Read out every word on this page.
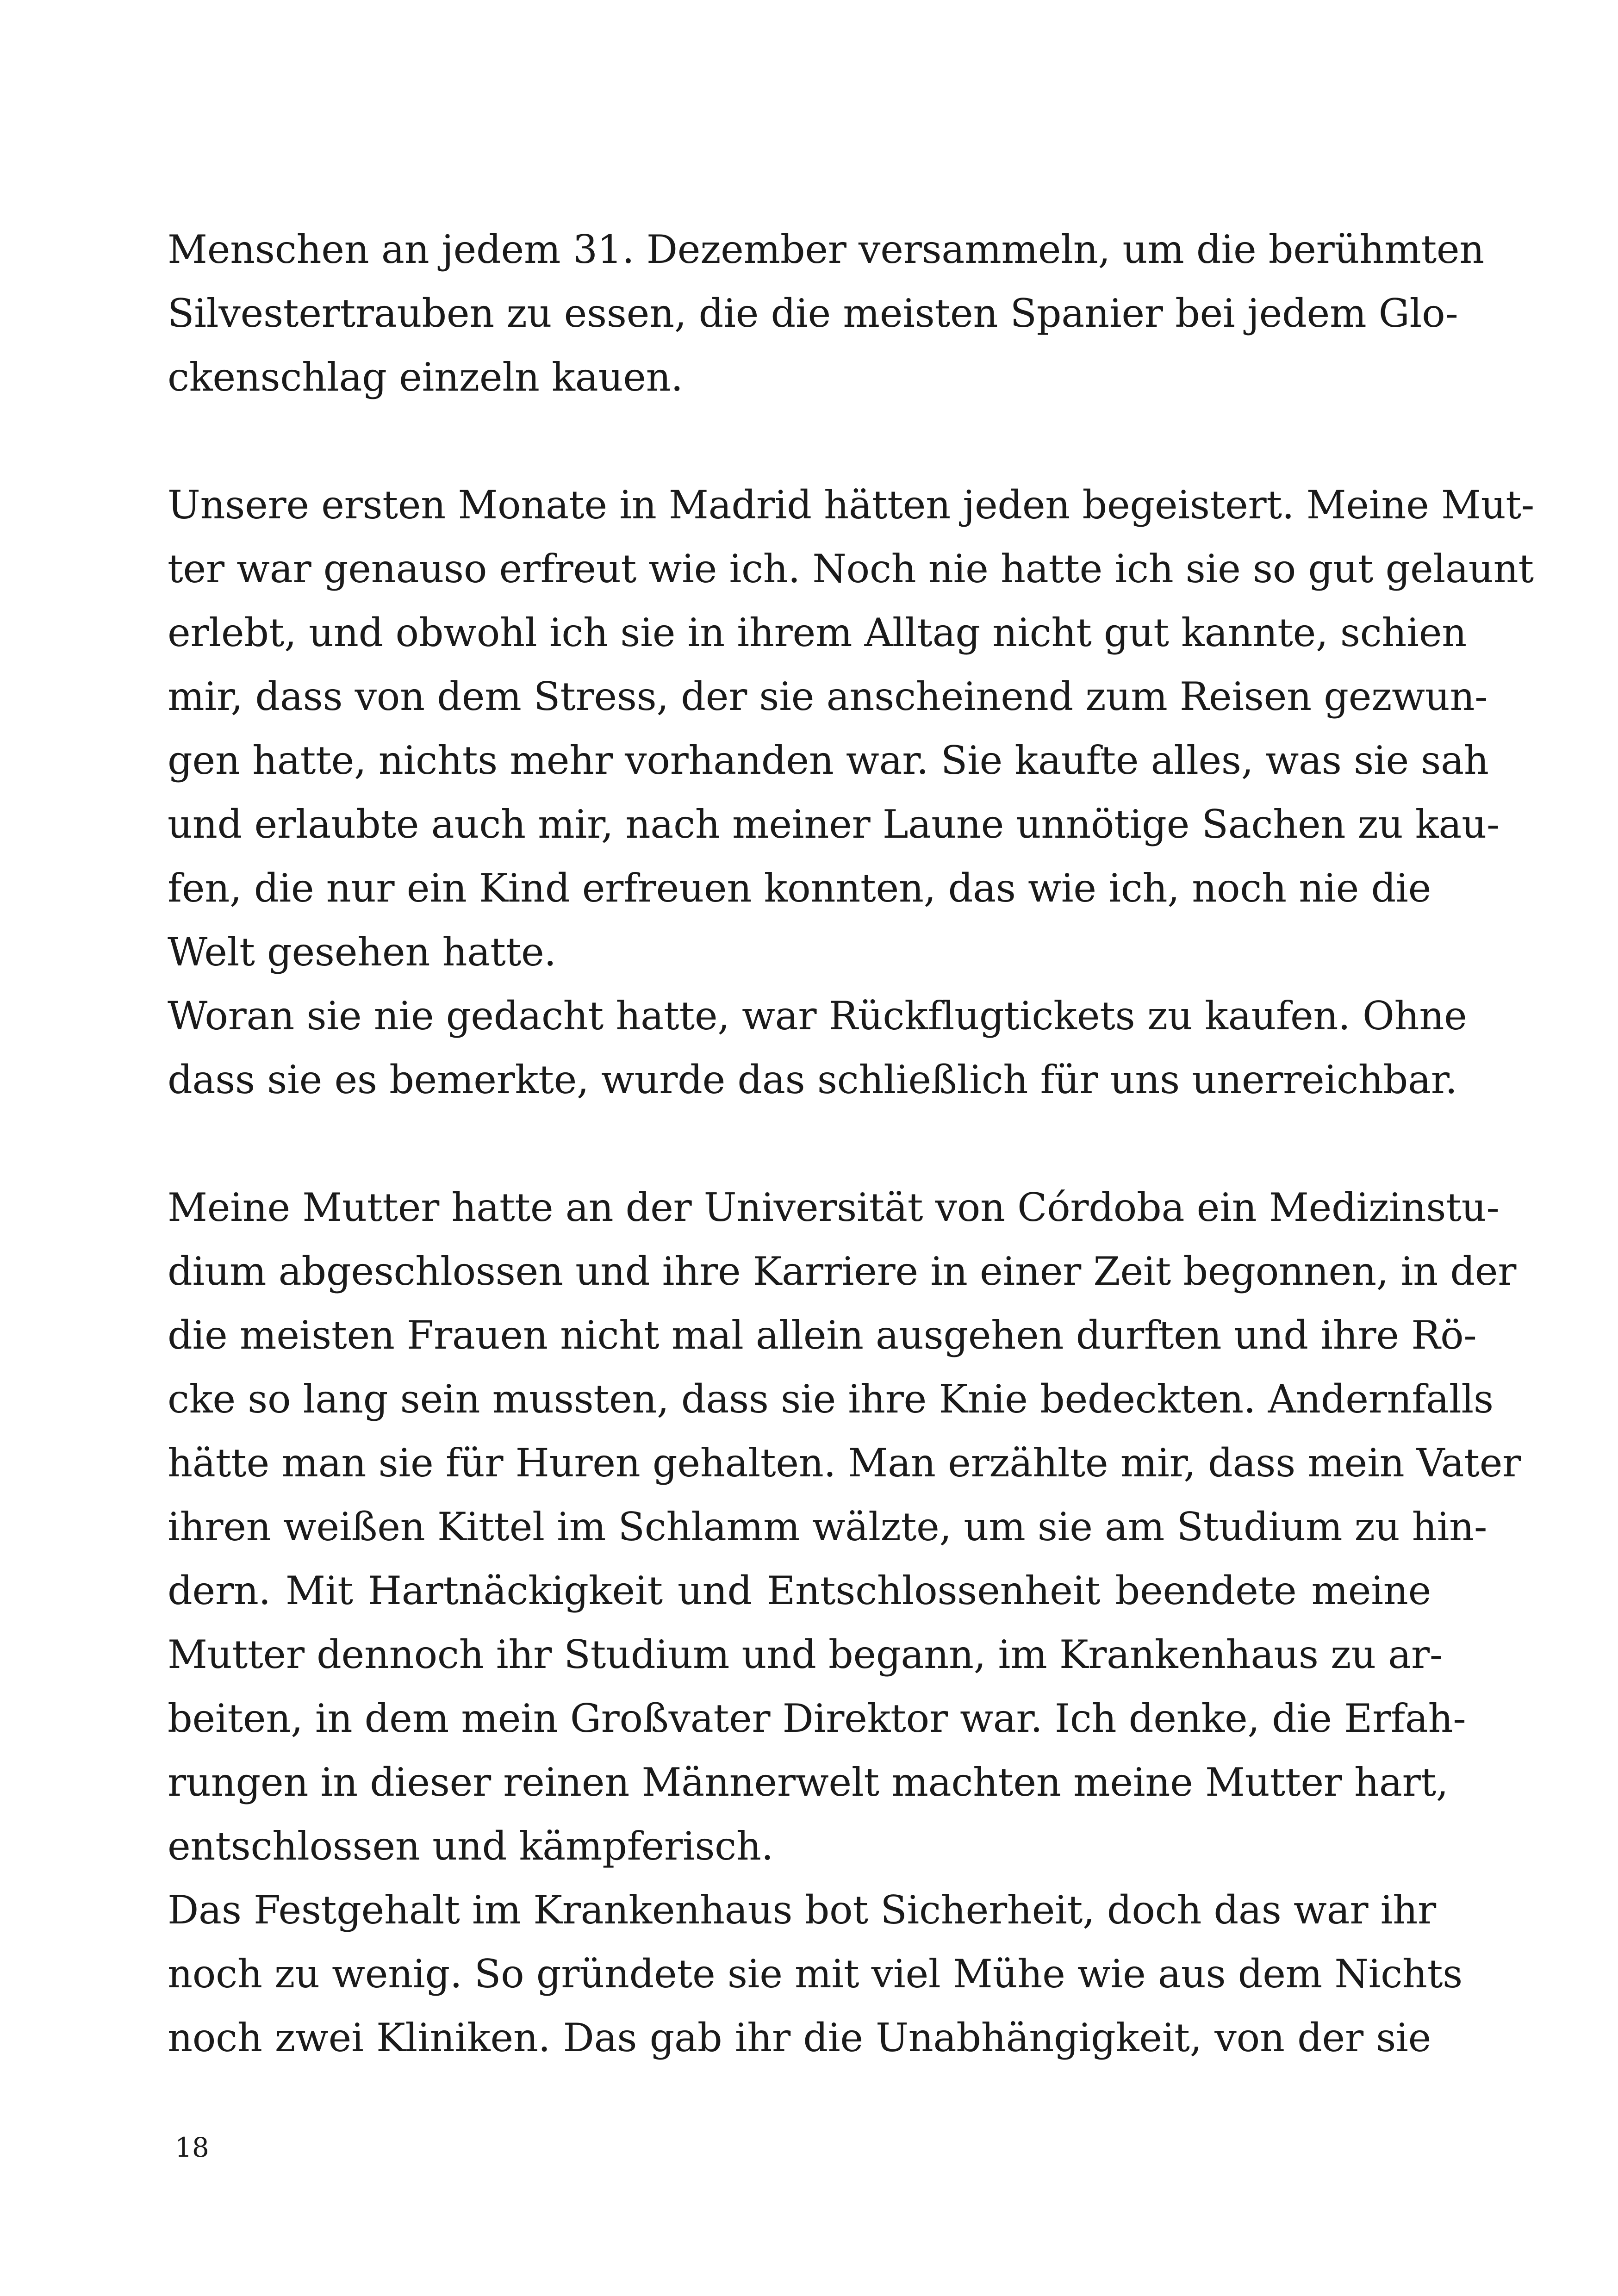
Menschen an jedem 31. Dezember versammeln, um die berühmten
Silvestertrauben zu essen, die die meisten Spanier bei jedem Glo-
ckenschlag einzeln kauen.
Unsere ersten Monate in Madrid hätten jeden begeistert. Meine Mut-
ter war genauso erfreut wie ich. Noch nie hatte ich sie so gut gelaunt
erlebt, und obwohl ich sie in ihrem Alltag nicht gut kannte, schien
mir, dass von dem Stress, der sie anscheinend zum Reisen gezwun-
gen hatte, nichts mehr vorhanden war. Sie kaufte alles, was sie sah
und erlaubte auch mir, nach meiner Laune unnötige Sachen zu kau-
fen, die nur ein Kind erfreuen konnten, das wie ich, noch nie die
Welt gesehen hatte.
Woran sie nie gedacht hatte, war Rückflugtickets zu kaufen. Ohne
dass sie es bemerkte, wurde das schließlich für uns unerreichbar.
Meine Mutter hatte an der Universität von Córdoba ein Medizinstu-
dium abgeschlossen und ihre Karriere in einer Zeit begonnen, in der
die meisten Frauen nicht mal allein ausgehen durften und ihre Rö-
cke so lang sein mussten, dass sie ihre Knie bedeckten. Andernfalls
hätte man sie für Huren gehalten. Man erzählte mir, dass mein Vater
ihren weißen Kittel im Schlamm wälzte, um sie am Studium zu hin-
dern. Mit Hartnäckigkeit und Entschlossenheit beendete meine
Mutter dennoch ihr Studium und begann, im Krankenhaus zu ar-
beiten, in dem mein Großvater Direktor war. Ich denke, die Erfah-
rungen in dieser reinen Männerwelt machten meine Mutter hart,
entschlossen und kämpferisch.
Das Festgehalt im Krankenhaus bot Sicherheit, doch das war ihr
noch zu wenig. So gründete sie mit viel Mühe wie aus dem Nichts
noch zwei Kliniken. Das gab ihr die Unabhängigkeit, von der sie
18
